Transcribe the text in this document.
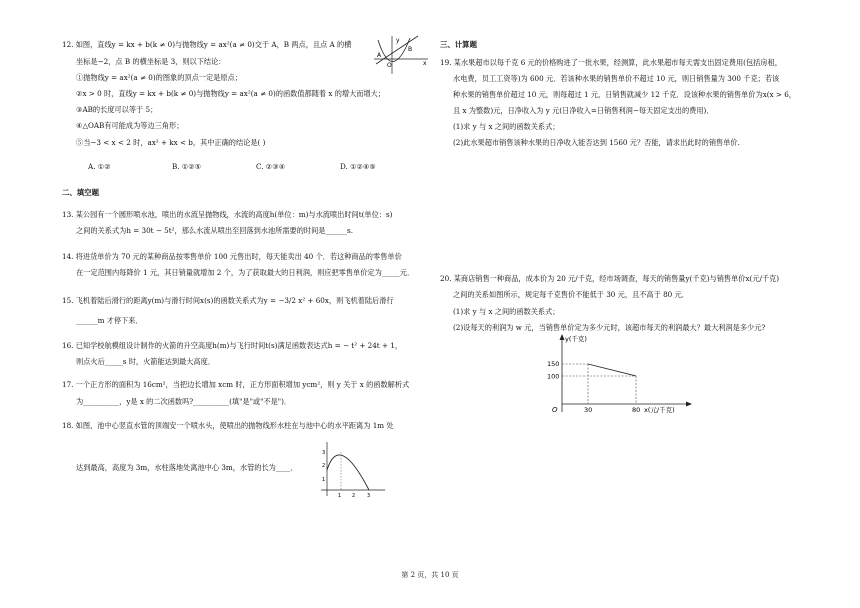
12. 如图，直线y = kx + b(k ≠ 0)与抛物线y = ax²(a ≠ 0)交于 A，B 两点，且点 A 的横
坐标是−2，点 B 的横坐标是 3，则以下结论：
①抛物线y = ax²(a ≠ 0)的图象的顶点一定是原点；
②x > 0 时，直线y = kx + b(k ≠ 0)与抛物线y = ax²(a ≠ 0)的函数值都随着 x 的增大而增大；
③AB的长度可以等于 5；
④△OAB有可能成为等边三角形；
⑤当−3 < x < 2 时，ax² + kx < b，其中正确的结论是( )
A. ①②	B. ①②⑤	C. ②③④	D. ①②④⑤
y
x
A
B
O
二、填空题
13. 某公园有一个圆形喷水池，喷出的水流呈抛物线，水流的高度h(单位：m)与水流喷出时间t(单位：s)
之间的关系式为h = 30t − 5t²，那么水流从喷出至回落到水池所需要的时间是______s.
14. 将进货单价为 70 元的某种商品按零售单价 100 元售出时，每天能卖出 40 个．若这种商品的零售单价
在一定范围内每降价 1 元，其日销量就增加 2 个，为了获取最大的日利润，则应把零售单价定为_____元．
15. 飞机着陆后滑行的距离y(m)与滑行时间x(s)的函数关系式为y = −3/2 x² + 60x，则飞机着陆后滑行
______m 才停下来．
16. 已知学校航模组设计制作的火箭的升空高度h(m)与飞行时间t(s)满足函数表达式h = − t² + 24t + 1，
则点火后_____s 时，火箭能达到最大高度．
17. 一个正方形的面积为 16cm²，当把边长增加 xcm 时，正方形面积增加 ycm²，则 y 关于 x 的函数解析式
为__________，y是 x 的二次函数吗?__________(填"是"或"不是")．
18. 如图，池中心竖直水管的顶端安一个喷水头，使喷出的抛物线形水柱在与池中心的水平距离为 1m 处
达到最高，高度为 3m，水柱落地处离池中心 3m，水管的长为____．
1 2 3
1
2
3
三、计算题
19. 某水果超市以每千克 6 元的价格购进了一批水果，经测算，此水果超市每天需支出固定费用(包括房租，
水电费，员工工资等)为 600 元．若该种水果的销售单价不超过 10 元，则日销售量为 300 千克；若该
种水果的销售单价超过 10 元，则每超过 1 元，日销售就减少 12 千克．设该种水果的销售单价为x(x > 6，
且 x 为整数)元，日净收入为 y 元(日净收入=日销售利润−每天固定支出的费用)．
(1)求 y 与 x 之间的函数关系式；
(2)此水果超市销售该种水果的日净收入能否达到 1560 元？否能，请求出此时的销售单价.
20. 某商店销售一种商品，成本价为 20 元/千克，经市场调查，每天的销售量y(千克)与销售单价x(元/千克)
之间的关系如图所示，规定每千克售价不能低于 30 元，且不高于 80 元．
(1)求 y 与 x 之间的函数关系式；
(2)设每天的利润为 w 元，当销售单价定为多少元时，该超市每天的利润最大？最大利润是多少元?
y(千克)
x(元/千克)
O
150
100
30	80
第 2 页，共 10 页
